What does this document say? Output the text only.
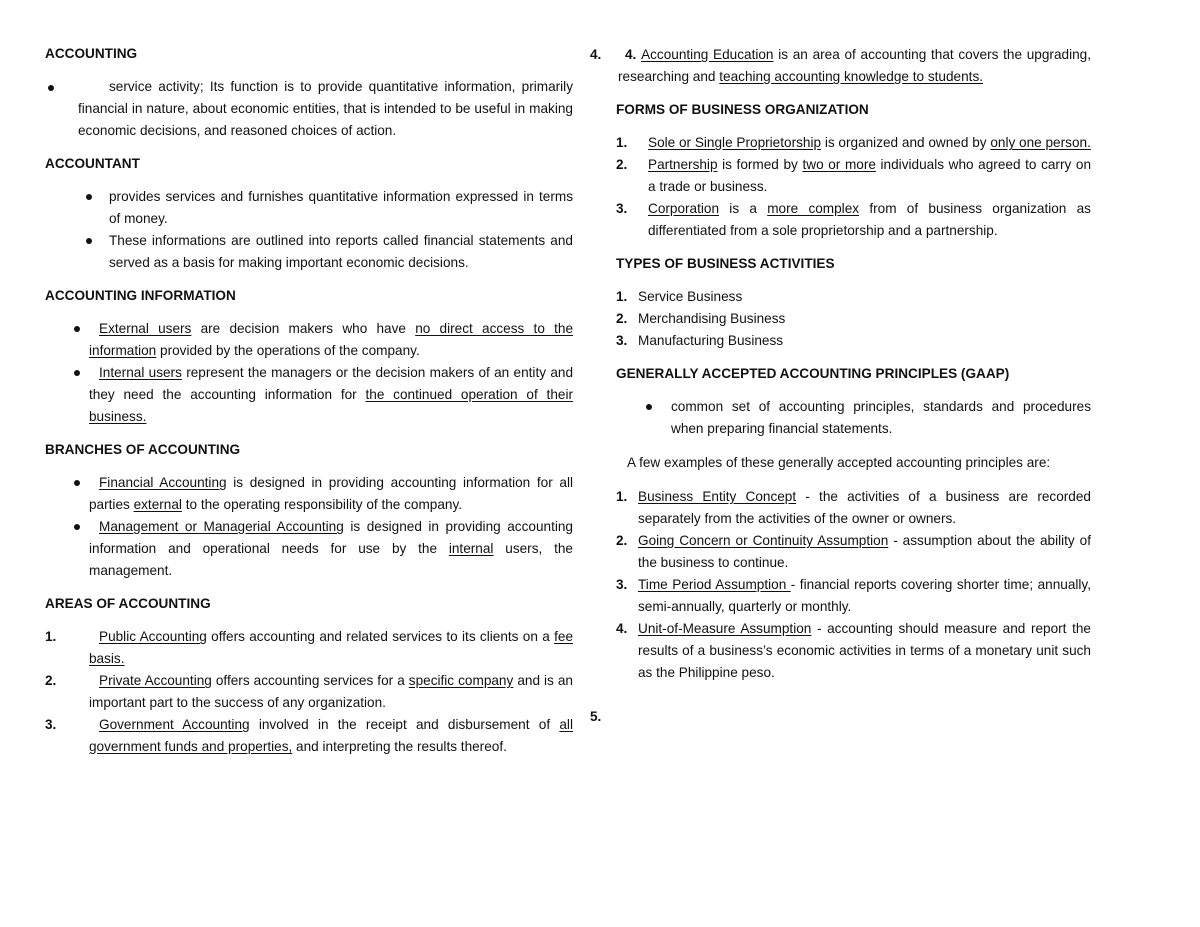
ACCOUNTING
service activity; Its function is to provide quantitative information, primarily financial in nature, about economic entities, that is intended to be useful in making economic decisions, and reasoned choices of action.
ACCOUNTANT
provides services and furnishes quantitative information expressed in terms of money.
These informations are outlined into reports called financial statements and served as a basis for making important economic decisions.
ACCOUNTING INFORMATION
External users are decision makers who have no direct access to the information provided by the operations of the company.
Internal users represent the managers or the decision makers of an entity and they need the accounting information for the continued operation of their business.
BRANCHES OF ACCOUNTING
Financial Accounting is designed in providing accounting information for all parties external to the operating responsibility of the company.
Management or Managerial Accounting is designed in providing accounting information and operational needs for use by the internal users, the management.
AREAS OF ACCOUNTING
1.	Public Accounting offers accounting and related services to its clients on a fee basis.
2.	Private Accounting offers accounting services for a specific company and is an important part to the success of any organization.
3.	Government Accounting involved in the receipt and disbursement of all government funds and properties, and interpreting the results thereof.
4.	4. Accounting Education is an area of accounting that covers the upgrading, researching and teaching accounting knowledge to students.
FORMS OF BUSINESS ORGANIZATION
1. Sole or Single Proprietorship is organized and owned by only one person.
2. Partnership is formed by two or more individuals who agreed to carry on a trade or business.
3. Corporation is a more complex from of business organization as differentiated from a sole proprietorship and a partnership.
TYPES OF BUSINESS ACTIVITIES
1. Service Business
2. Merchandising Business
3. Manufacturing Business
GENERALLY ACCEPTED ACCOUNTING PRINCIPLES (GAAP)
common set of accounting principles, standards and procedures when preparing financial statements.
A few examples of these generally accepted accounting principles are:
1. Business Entity Concept - the activities of a business are recorded separately from the activities of the owner or owners.
2. Going Concern or Continuity Assumption - assumption about the ability of the business to continue.
3. Time Period Assumption - financial reports covering shorter time; annually, semi-annually, quarterly or monthly.
4. Unit-of-Measure Assumption - accounting should measure and report the results of a business’s economic activities in terms of a monetary unit such as the Philippine peso.
5.
